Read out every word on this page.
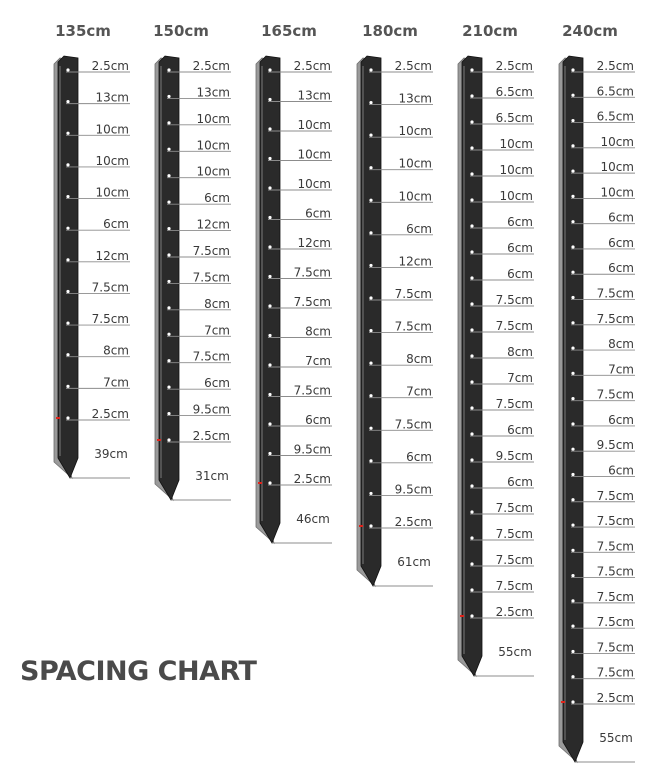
135cm
2.5cm
13cm
10cm
10cm
10cm
6cm
12cm
7.5cm
7.5cm
8cm
7cm
2.5cm
39cm
150cm
2.5cm
13cm
10cm
10cm
10cm
6cm
12cm
7.5cm
7.5cm
8cm
7cm
7.5cm
6cm
9.5cm
2.5cm
31cm
165cm
2.5cm
13cm
10cm
10cm
10cm
6cm
12cm
7.5cm
7.5cm
8cm
7cm
7.5cm
6cm
9.5cm
2.5cm
46cm
180cm
2.5cm
13cm
10cm
10cm
10cm
6cm
12cm
7.5cm
7.5cm
8cm
7cm
7.5cm
6cm
9.5cm
2.5cm
61cm
210cm
2.5cm
6.5cm
6.5cm
10cm
10cm
10cm
6cm
6cm
6cm
7.5cm
7.5cm
8cm
7cm
7.5cm
6cm
9.5cm
6cm
7.5cm
7.5cm
7.5cm
7.5cm
2.5cm
55cm
240cm
2.5cm
6.5cm
6.5cm
10cm
10cm
10cm
6cm
6cm
6cm
7.5cm
7.5cm
8cm
7cm
7.5cm
6cm
9.5cm
6cm
7.5cm
7.5cm
7.5cm
7.5cm
7.5cm
7.5cm
7.5cm
7.5cm
2.5cm
55cm
SPACING CHART
